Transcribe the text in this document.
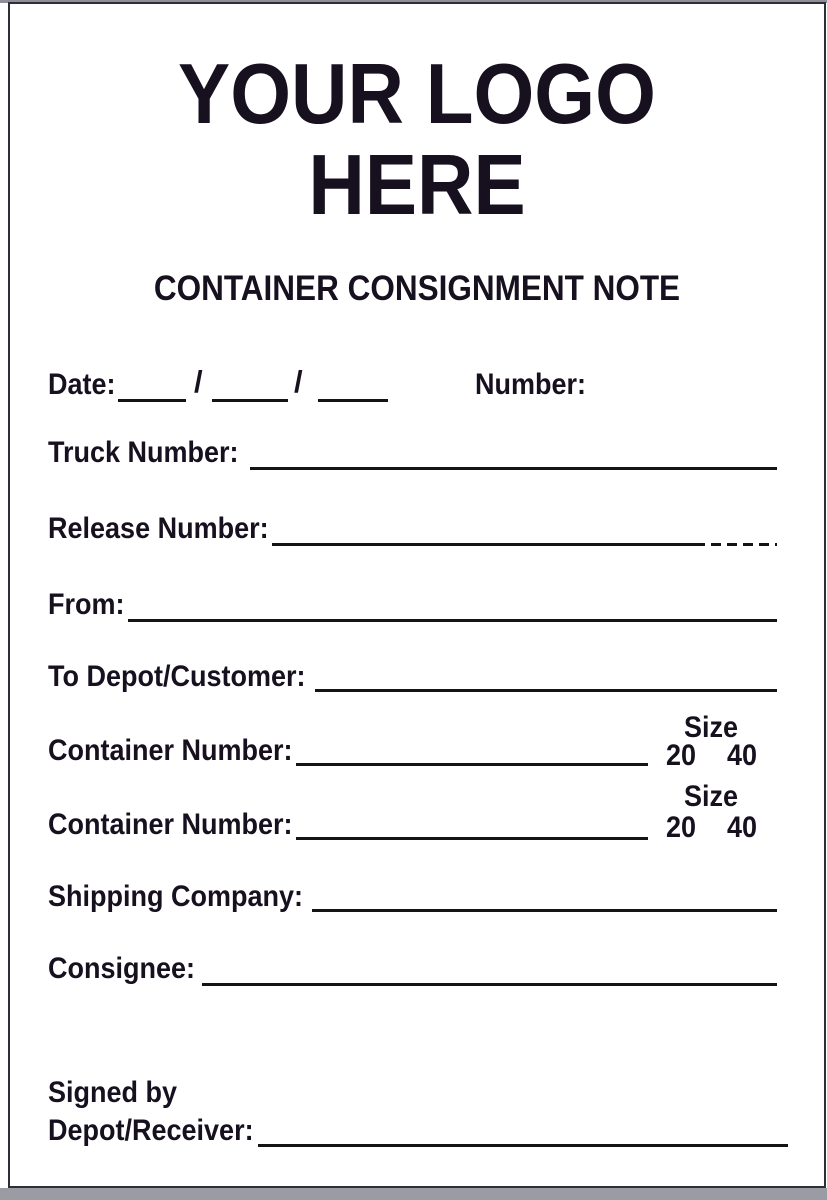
YOUR LOGO
HERE
CONTAINER CONSIGNMENT NOTE
Date:	/	/	Number:
Truck Number:
Release Number:
From:
To Depot/Customer:
Container Number:
Size
20 40
Container Number:
Size
20 40
Shipping Company:
Consignee:
Signed by
Depot/Receiver:
